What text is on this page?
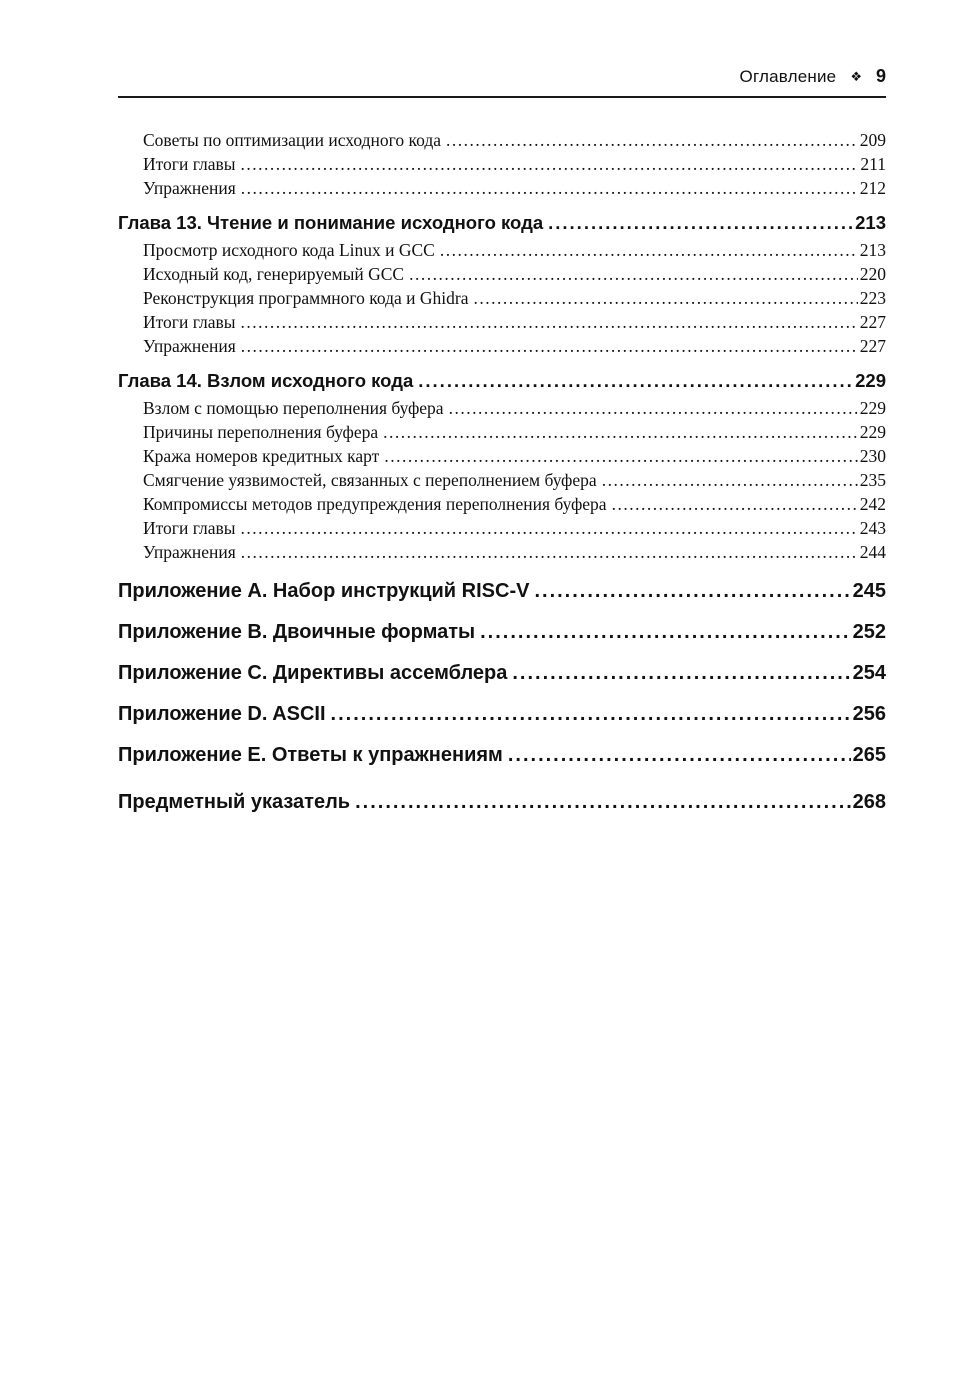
Оглавление ❖ 9
Советы по оптимизации исходного кода .....	209
Итоги главы .....	211
Упражнения .....	212
Глава 13. Чтение и понимание исходного кода .....	213
Просмотр исходного кода Linux и GCC .....	213
Исходный код, генерируемый GCC .....	220
Реконструкция программного кода и Ghidra .....	223
Итоги главы .....	227
Упражнения .....	227
Глава 14. Взлом исходного кода .....	229
Взлом с помощью переполнения буфера .....	229
Причины переполнения буфера .....	229
Кража номеров кредитных карт .....	230
Смягчение уязвимостей, связанных с переполнением буфера .....	235
Компромиссы методов предупреждения переполнения буфера .....	242
Итоги главы .....	243
Упражнения .....	244
Приложение A. Набор инструкций RISC-V .....	245
Приложение B. Двоичные форматы .....	252
Приложение C. Директивы ассемблера .....	254
Приложение D. ASCII .....	256
Приложение E. Ответы к упражнениям .....	265
Предметный указатель .....	268
